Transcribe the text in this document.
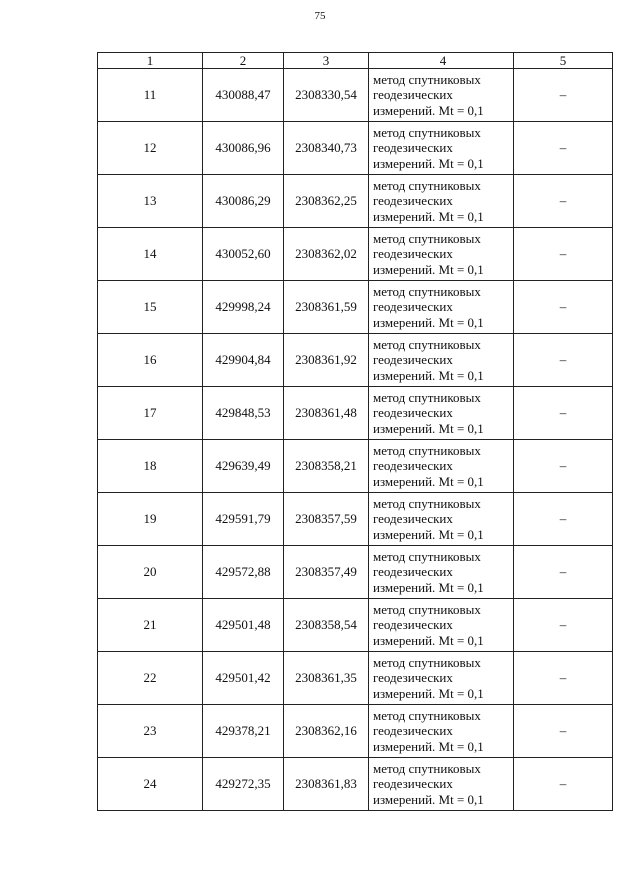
75
1	2	3	4	5
11	430088,47	2308330,54	метод спутниковых
геодезических
измерений. Mt = 0,1	–
12	430086,96	2308340,73	метод спутниковых
геодезических
измерений. Mt = 0,1	–
13	430086,29	2308362,25	метод спутниковых
геодезических
измерений. Mt = 0,1	–
14	430052,60	2308362,02	метод спутниковых
геодезических
измерений. Mt = 0,1	–
15	429998,24	2308361,59	метод спутниковых
геодезических
измерений. Mt = 0,1	–
16	429904,84	2308361,92	метод спутниковых
геодезических
измерений. Mt = 0,1	–
17	429848,53	2308361,48	метод спутниковых
геодезических
измерений. Mt = 0,1	–
18	429639,49	2308358,21	метод спутниковых
геодезических
измерений. Mt = 0,1	–
19	429591,79	2308357,59	метод спутниковых
геодезических
измерений. Mt = 0,1	–
20	429572,88	2308357,49	метод спутниковых
геодезических
измерений. Mt = 0,1	–
21	429501,48	2308358,54	метод спутниковых
геодезических
измерений. Mt = 0,1	–
22	429501,42	2308361,35	метод спутниковых
геодезических
измерений. Mt = 0,1	–
23	429378,21	2308362,16	метод спутниковых
геодезических
измерений. Mt = 0,1	–
24	429272,35	2308361,83	метод спутниковых
геодезических
измерений. Mt = 0,1	–
